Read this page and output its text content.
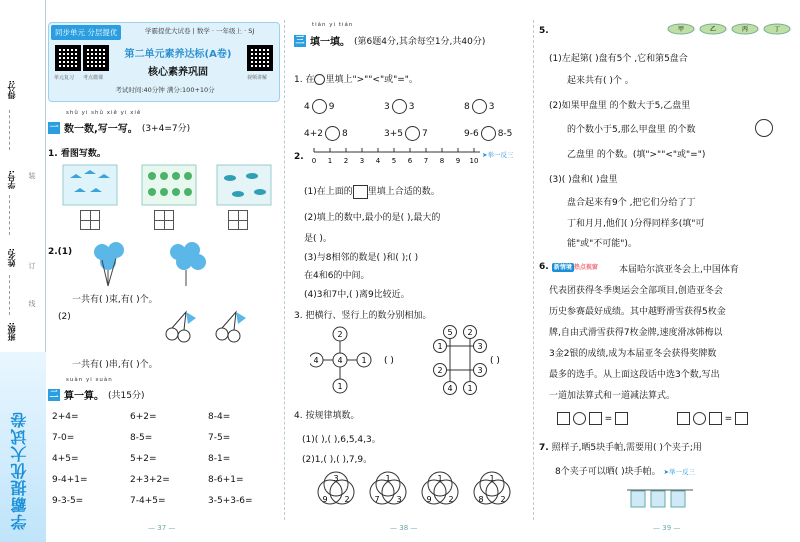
得分:
学号:
姓名:
班级:
装
订
线
学霸提优大试卷
同步单元 分层提优	学霸提优大试卷 | 数学 · 一年级上 · SJ
单元复习 考点微课	视频讲解
第二单元素养达标(A卷)
核心素养巩固
考试时间:40分钟 满分:100+10分
shǔ yi shǔ xiě yi xiě
一 数一数,写一写。 (3+4=7分)
1. 看图写数。
2.(1)
一共有( )束,有( )个。
(2)
一共有( )串,有( )个。
suàn yi suàn
二 算一算。 (共15分)
2+4=	6+2=	8-4=
7-0=	8-5=	7-5=
4+5=	5+2=	8-1=
9-4+1=	2+3+2=	8-6+1=
9-3-5=	7-4+5=	3-5+3-6=
— 37 —
tián yi tián
三 填一填。 (第6题4分,其余每空1分,共40分)
1. 在 里填上">""<"或"="。
4 9	3 3	8 3
4+2 8	3+5 7	9-6 8-5
2. 0 1 2 3 4 5 6 7 8 9 10
➤举一反三
(1)在上面的 里填上合适的数。
(2)填上的数中,最小的是( ),最大的
是( )。
(3)与8相邻的数是( )和( );( )
在4和6的中间。
(4)3和7中,( )离9比较近。
3. 把横行、竖行上的数分别相加。
2
4 4 1
1
( )
5 2
1	3
2	3
4 1
( )
4. 按规律填数。
(1)( ),( ),6,5,4,3。
(2)1,( ),( ),7,9。
3
9 2
1
7 3
1
9 2
1
8 2
— 38 —
5.	甲	乙	丙	丁
(1)左起第( )盘有5个 ,它和第5盘合
起来共有( )个 。
(2)如果甲盘里 的个数大于5,乙盘里
的个数小于5,那么甲盘里 的个数
乙盘里 的个数。(填">""<"或"=")
(3)( )盘和( )盘里
盘合起来有9个 ,把它们分给了丁
丁和月月,他们( )分得同样多(填"可
能"或"不可能")。
6. 新情境 热点视窗 本届哈尔滨亚冬会上,中国体育
代表团获得冬季奥运会全部项目,创造亚冬会
历史参赛最好成绩。其中越野滑雪获得5枚金
牌,自由式滑雪获得7枚金牌,速度滑冰韩梅以
3金2银的成绩,成为本届亚冬会获得奖牌数
最多的选手。从上面这段话中选3个数,写出
一道加法算式和一道减法算式。
=	=
7. 照样子,晒5块手帕,需要用( )个夹子;用
8个夹子可以晒( )块手帕。 ➤举一反三
— 39 —
